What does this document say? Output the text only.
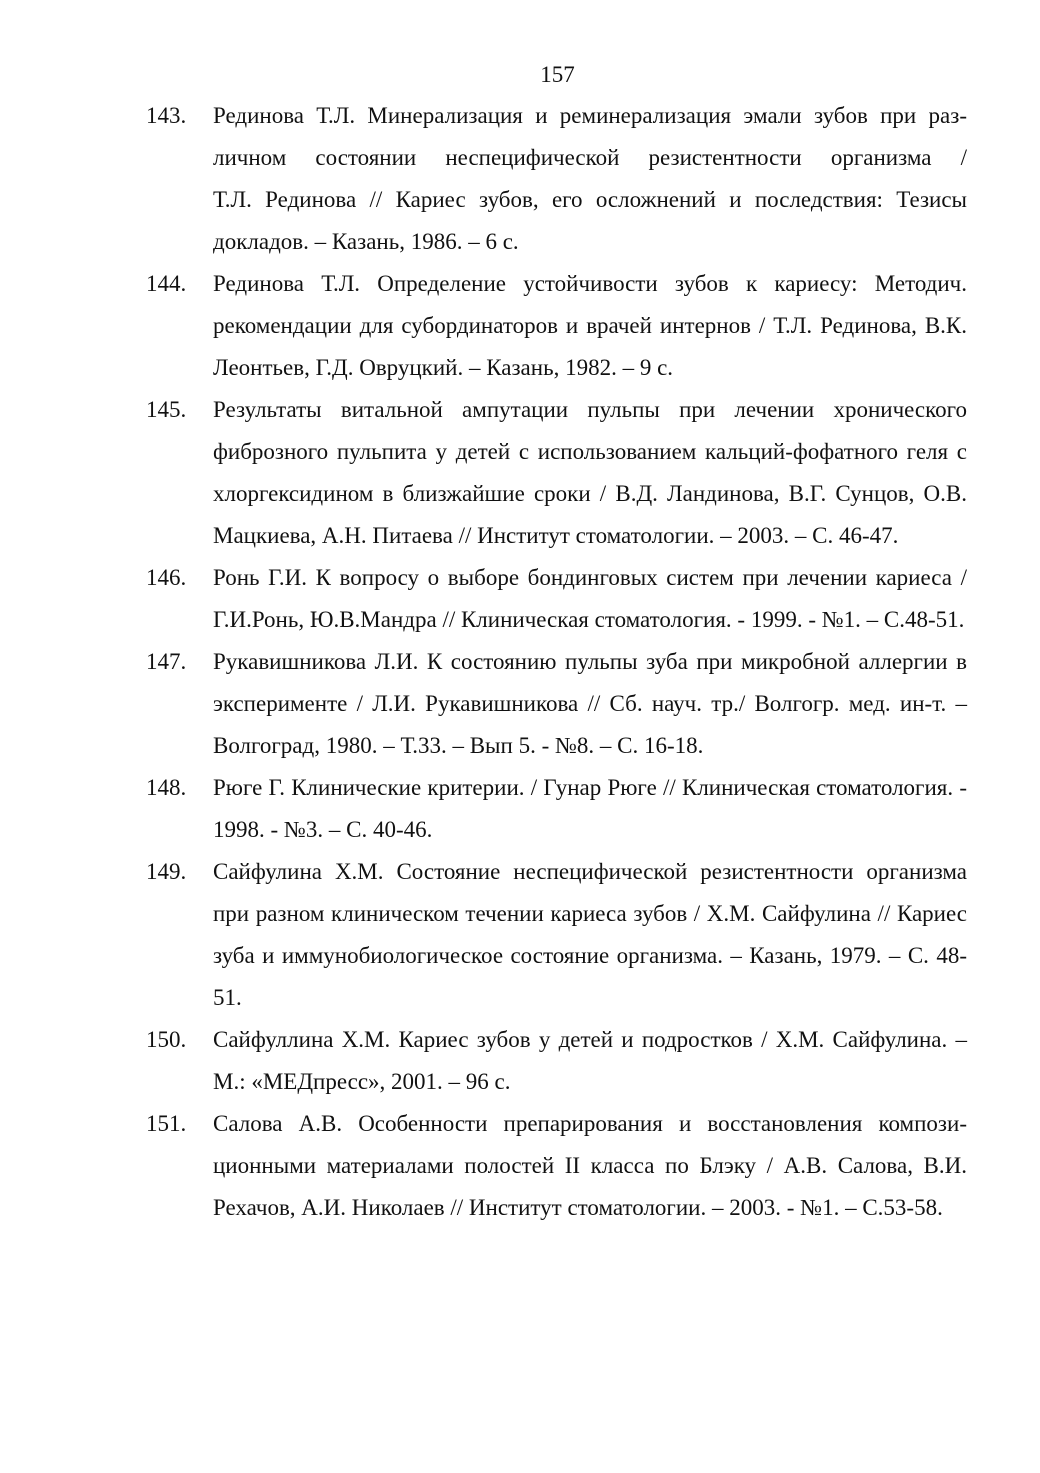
157
143.	Рединова Т.Л. Минерализация и реминерализация эмали зубов при различном состоянии неспецифической резистентности организма / Т.Л. Рединова // Кариес зубов, его осложнений и последствия: Тезисы докладов. – Казань, 1986. – 6 с.
144.	Рединова Т.Л. Определение устойчивости зубов к кариесу: Методич. рекомендации для субординаторов и врачей интернов / Т.Л. Рединова, В.К. Леонтьев, Г.Д. Овруцкий. – Казань, 1982. – 9 с.
145.	Результаты витальной ампутации пульпы при лечении хронического фиброзного пульпита у детей с использованием кальций-фофатного геля с хлоргексидином в близжайшие сроки / В.Д. Ландинова, В.Г. Сунцов, О.В. Мацкиева, А.Н. Питаева // Институт стоматологии. – 2003. – С. 46-47.
146.	Ронь Г.И. К вопросу о выборе бондинговых систем при лечении кариеса / Г.И.Ронь, Ю.В.Мандра // Клиническая стоматология. - 1999. - №1. – С.48-51.
147.	Рукавишникова Л.И. К состоянию пульпы зуба при микробной аллергии в эксперименте / Л.И. Рукавишникова // Сб. науч. тр./ Волгогр. мед. ин-т. –Волгоград, 1980. – Т.33. – Вып 5. - №8. – С. 16-18.
148.	Рюге Г. Клинические критерии. / Гунар Рюге // Клиническая стоматология. - 1998. - №3. – С. 40-46.
149.	Сайфулина Х.М. Состояние неспецифической резистентности организма при разном клиническом течении кариеса зубов / Х.М. Сайфулина // Кариес зуба и иммунобиологическое состояние организма. – Казань, 1979. – С. 48-51.
150.	Сайфуллина Х.М. Кариес зубов у детей и подростков / Х.М. Сайфулина. – М.: «МЕДпресс», 2001. – 96 с.
151.	Салова А.В. Особенности препарирования и восстановления композиционными материалами полостей II класса по Блэку / А.В. Салова, В.И. Рехачов, А.И. Николаев // Институт стоматологии. – 2003. - №1. – С.53-58.
